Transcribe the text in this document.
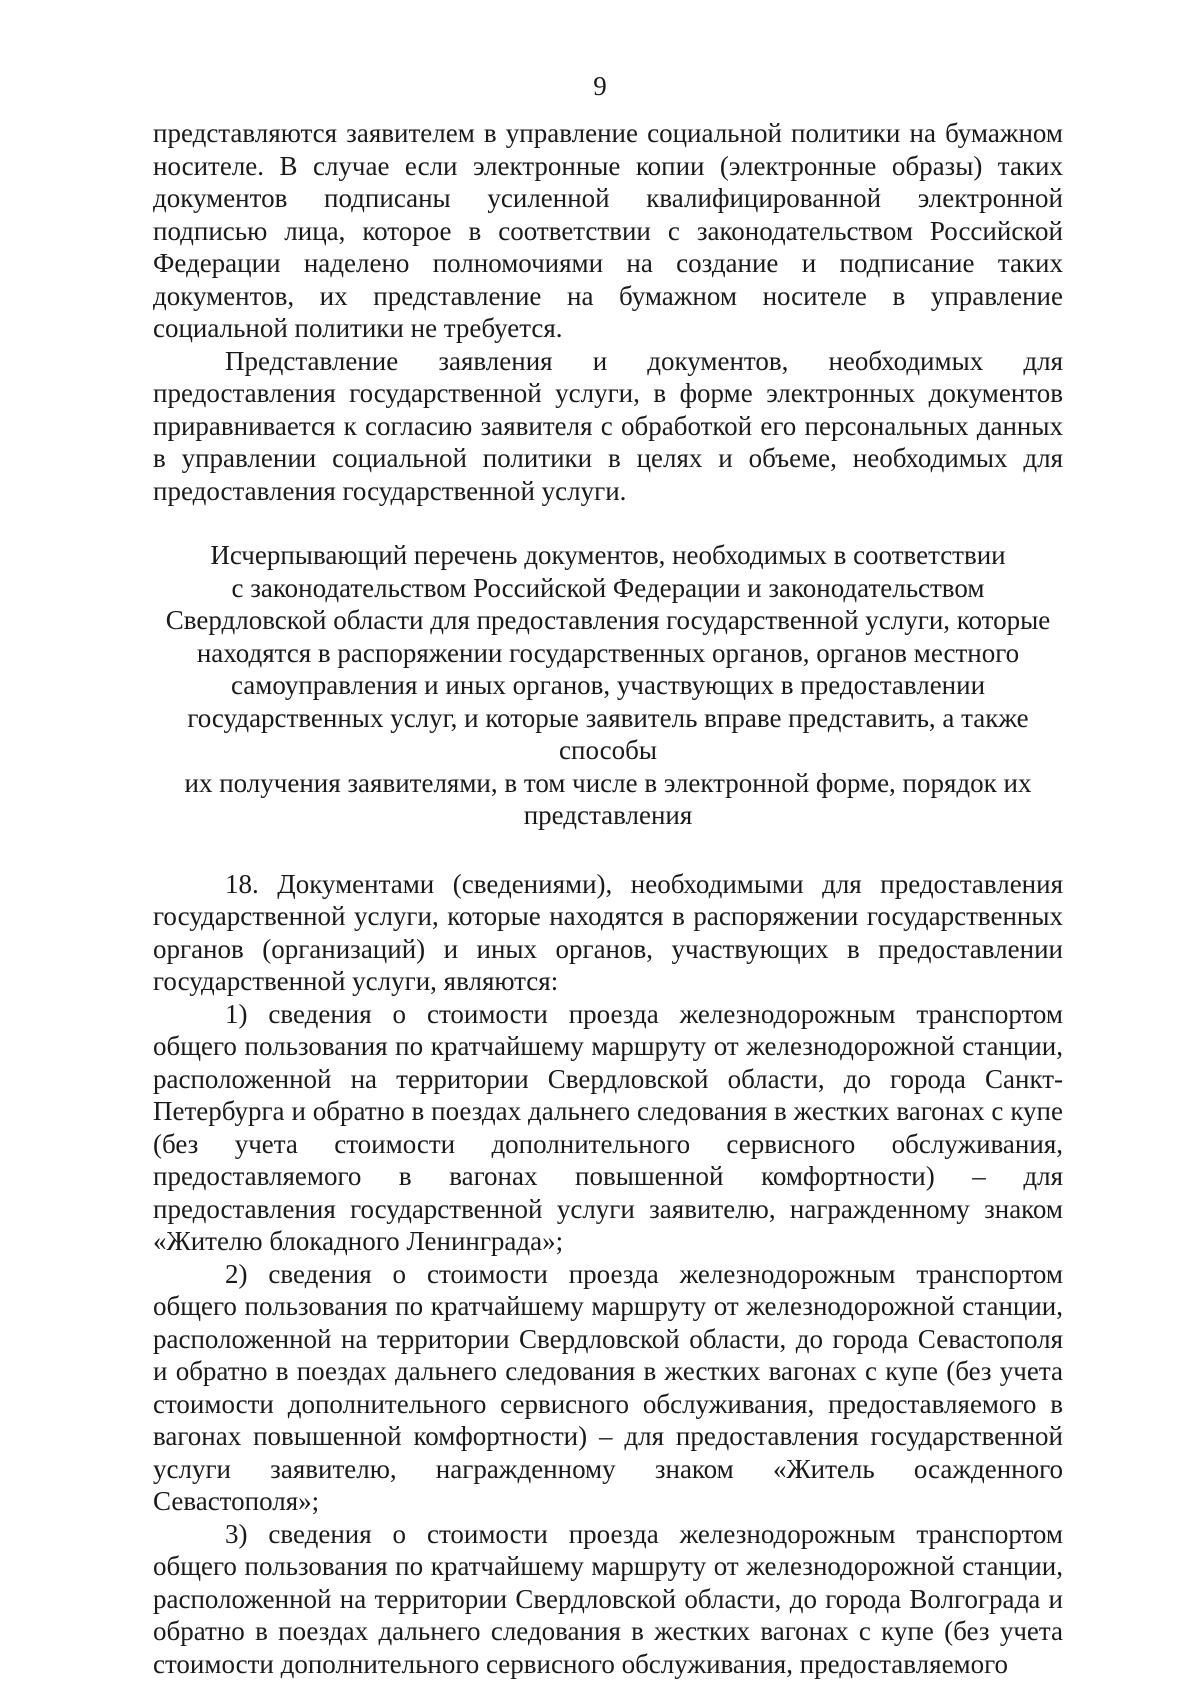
9

представляются заявителем в управление социальной политики на бумажном носителе. В случае если электронные копии (электронные образы) таких документов подписаны усиленной квалифицированной электронной подписью лица, которое в соответствии с законодательством Российской Федерации наделено полномочиями на создание и подписание таких документов, их представление на бумажном носителе в управление социальной политики не требуется.

Представление заявления и документов, необходимых для предоставления государственной услуги, в форме электронных документов приравнивается к согласию заявителя с обработкой его персональных данных в управлении социальной политики в целях и объеме, необходимых для предоставления государственной услуги.

Исчерпывающий перечень документов, необходимых в соответствии
с законодательством Российской Федерации и законодательством
Свердловской области для предоставления государственной услуги, которые
находятся в распоряжении государственных органов, органов местного
самоуправления и иных органов, участвующих в предоставлении
государственных услуг, и которые заявитель вправе представить, а также способы
их получения заявителями, в том числе в электронной форме, порядок их
представления

18. Документами (сведениями), необходимыми для предоставления государственной услуги, которые находятся в распоряжении государственных органов (организаций) и иных органов, участвующих в предоставлении государственной услуги, являются:

1) сведения о стоимости проезда железнодорожным транспортом общего пользования по кратчайшему маршруту от железнодорожной станции, расположенной на территории Свердловской области, до города Санкт-Петербурга и обратно в поездах дальнего следования в жестких вагонах с купе (без учета стоимости дополнительного сервисного обслуживания, предоставляемого в вагонах повышенной комфортности) – для предоставления государственной услуги заявителю, награжденному знаком «Жителю блокадного Ленинграда»;

2) сведения о стоимости проезда железнодорожным транспортом общего пользования по кратчайшему маршруту от железнодорожной станции, расположенной на территории Свердловской области, до города Севастополя и обратно в поездах дальнего следования в жестких вагонах с купе (без учета стоимости дополнительного сервисного обслуживания, предоставляемого в вагонах повышенной комфортности) – для предоставления государственной услуги заявителю, награжденному знаком «Житель осажденного Севастополя»;

3) сведения о стоимости проезда железнодорожным транспортом общего пользования по кратчайшему маршруту от железнодорожной станции, расположенной на территории Свердловской области, до города Волгограда и обратно в поездах дальнего следования в жестких вагонах с купе (без учета стоимости дополнительного сервисного обслуживания, предоставляемого
